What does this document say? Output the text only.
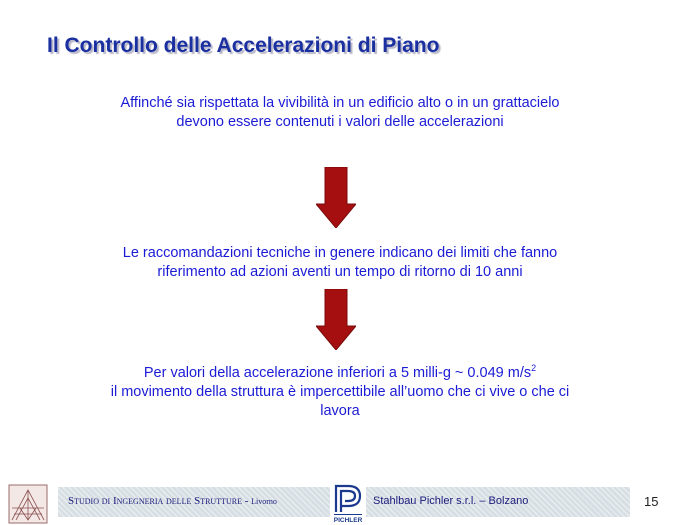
Il Controllo delle Accelerazioni di Piano
Affinché sia rispettata la vivibilità in un edificio alto o in un grattacielo
devono essere contenuti i valori delle accelerazioni
Le raccomandazioni tecniche in genere indicano dei limiti che fanno
riferimento ad azioni aventi un tempo di ritorno di 10 anni
Per valori della accelerazione inferiori a 5 milli-g ~ 0.049 $m/s^2$
il movimento della struttura è impercettibile all’uomo che ci vive o che ci
lavora
Studio di Ingegneria delle Strutture - Livorno
PICHLER
Stahlbau Pichler s.r.l. – Bolzano	15
